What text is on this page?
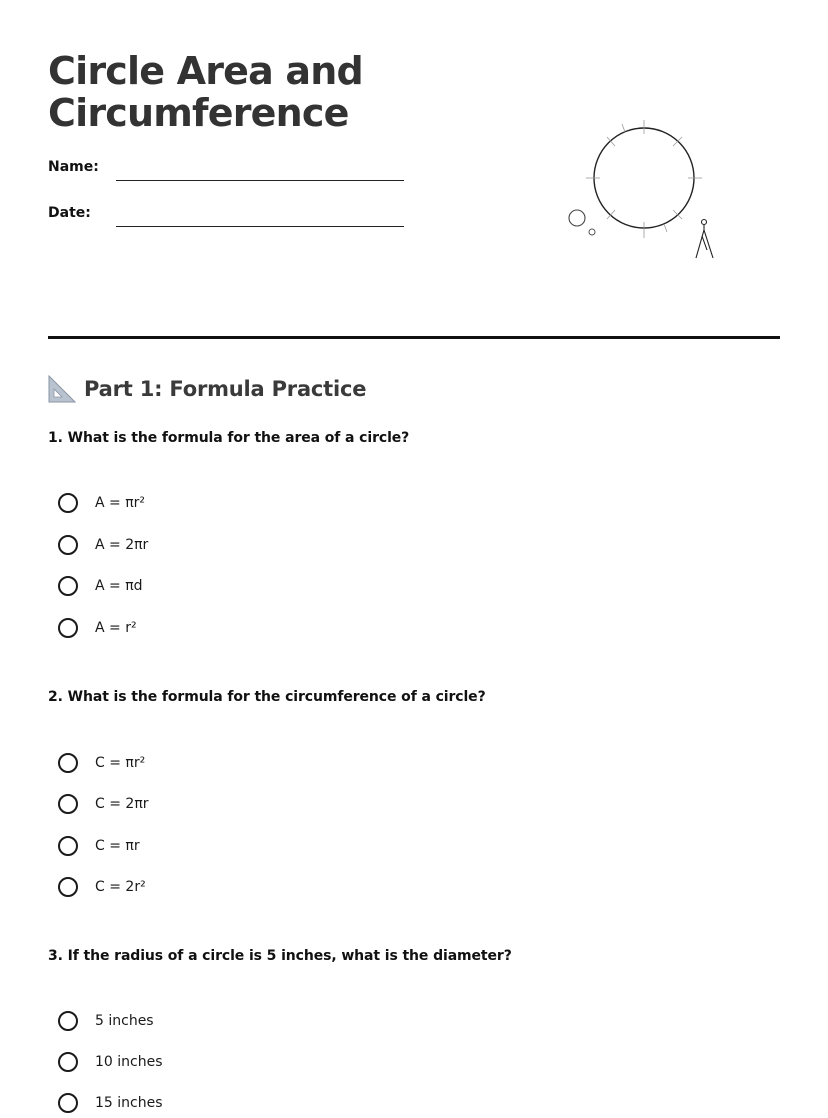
Circle Area and
Circumference
Name:
Date:
Part 1: Formula Practice

1. What is the formula for the area of a circle?

A = πr²
A = 2πr
A = πd
A = r²

2. What is the formula for the circumference of a circle?

C = πr²
C = 2πr
C = πr
C = 2r²

3. If the radius of a circle is 5 inches, what is the diameter?

5 inches
10 inches
15 inches
